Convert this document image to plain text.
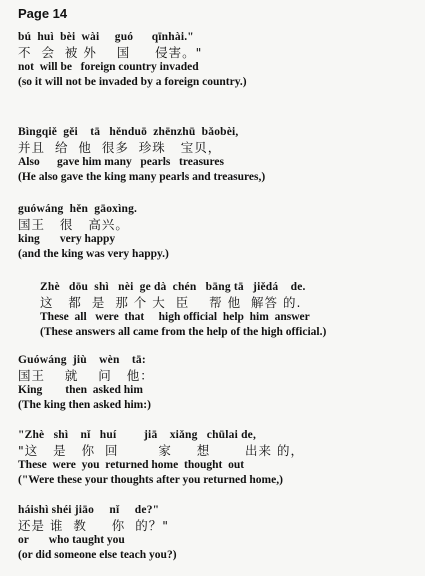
Page 14
bú  huì  bèi  wài     guó      qīnhài."
不  会  被 外    国     侵害。"
not  will be   foreign country invaded
(so it will not be invaded by a foreign country.)
Bìngqiě  gěi    tā   hěnduō  zhēnzhū  bǎobèi,
并且  给  他  很多  珍珠   宝贝，
Also      gave him many   pearls   treasures
(He also gave the king many pearls and treasures,)
guówáng  hěn  gāoxìng.
国王   很   高兴。
king       very happy
(and the king was very happy.)
Zhè   dōu  shì   nèi  ge dà  chén   bāng tā   jiědá    de.
这   都  是  那 个 大  臣    帮 他  解答 的.
These  all   were  that     high official  help  him  answer
(These answers all came from the help of the high official.)
Guówáng  jiù    wèn    tā:
国王    就    问   他：
King        then  asked him
(The king then asked him:)
"Zhè   shì    nǐ   huí         jiā    xiǎng   chūlai de,
"这   是   你  回        家     想       出来 的，
These  were  you  returned home  thought  out
("Were these your thoughts after you returned home,)
háishì shéi jiāo     nǐ     de?"
还是 谁  教     你  的？"
or       who taught you
(or did someone else teach you?)
